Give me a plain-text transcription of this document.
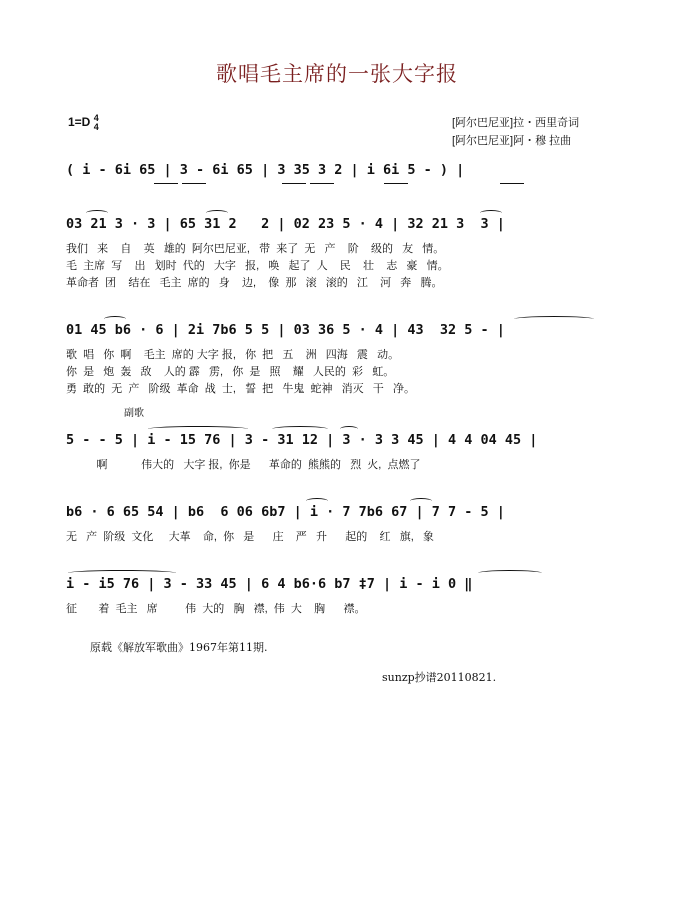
歌唱毛主席的一张大字报
1=D 4
4	[阿尔巴尼亚]拉・西里奇词
[阿尔巴尼亚]阿・穆 拉曲
( i - 6i 65 | 3 - 6i 65 | 3 35 3 2 | i 6i 5 - ) |
03 21 3 · 3 | 65 31 2   2 | 02 23 5 · 4 | 32 21 3  3 |
我们   来    自    英   雄的  阿尔巴尼亚,   带  来了  无   产    阶    级的   友   情。
毛  主席  写    出   划时  代的   大字   报,   唤   起了  人    民    壮    志   豪   情。
革命者  团    结在   毛主  席的   身    边,    像  那   滚   滚的   江    河   奔   腾。
01 45 b6 · 6 | 2i 7b6 5 5 | 03 36 5 · 4 | 43  32 5 - |
歌  唱   你  啊    毛主  席的 大字 报,   你  把   五    洲   四海   震   动。
你  是   炮  轰   敌    人的 霹   雳,   你  是   照    耀   人民的  彩   虹。
勇  敢的  无  产   阶级  革命  战  士,   誓  把   牛鬼  蛇神   消灭   干   净。
副歌
5 - - 5 | i - 15 76 | 3 - 31 12 | 3 · 3 3 45 | 4 4 04 45 |
啊           伟大的   大字 报,  你是      革命的  熊熊的   烈  火,  点燃了
b6 · 6 65 54 | b6  6 06 6b7 | i · 7 7b6 67 | 7 7 - 5 |
无   产  阶级  文化     大革    命,  你   是      庄    严   升      起的    红   旗,   象
i - i5 76 | 3 - 33 45 | 6 4 b6·6 b7 ‡7 | i - i 0 ‖
征       着  毛主   席         伟  大的   胸   襟,  伟  大    胸      襟。
原载《解放军歌曲》1967年第11期.
sunzp抄谱20110821.
